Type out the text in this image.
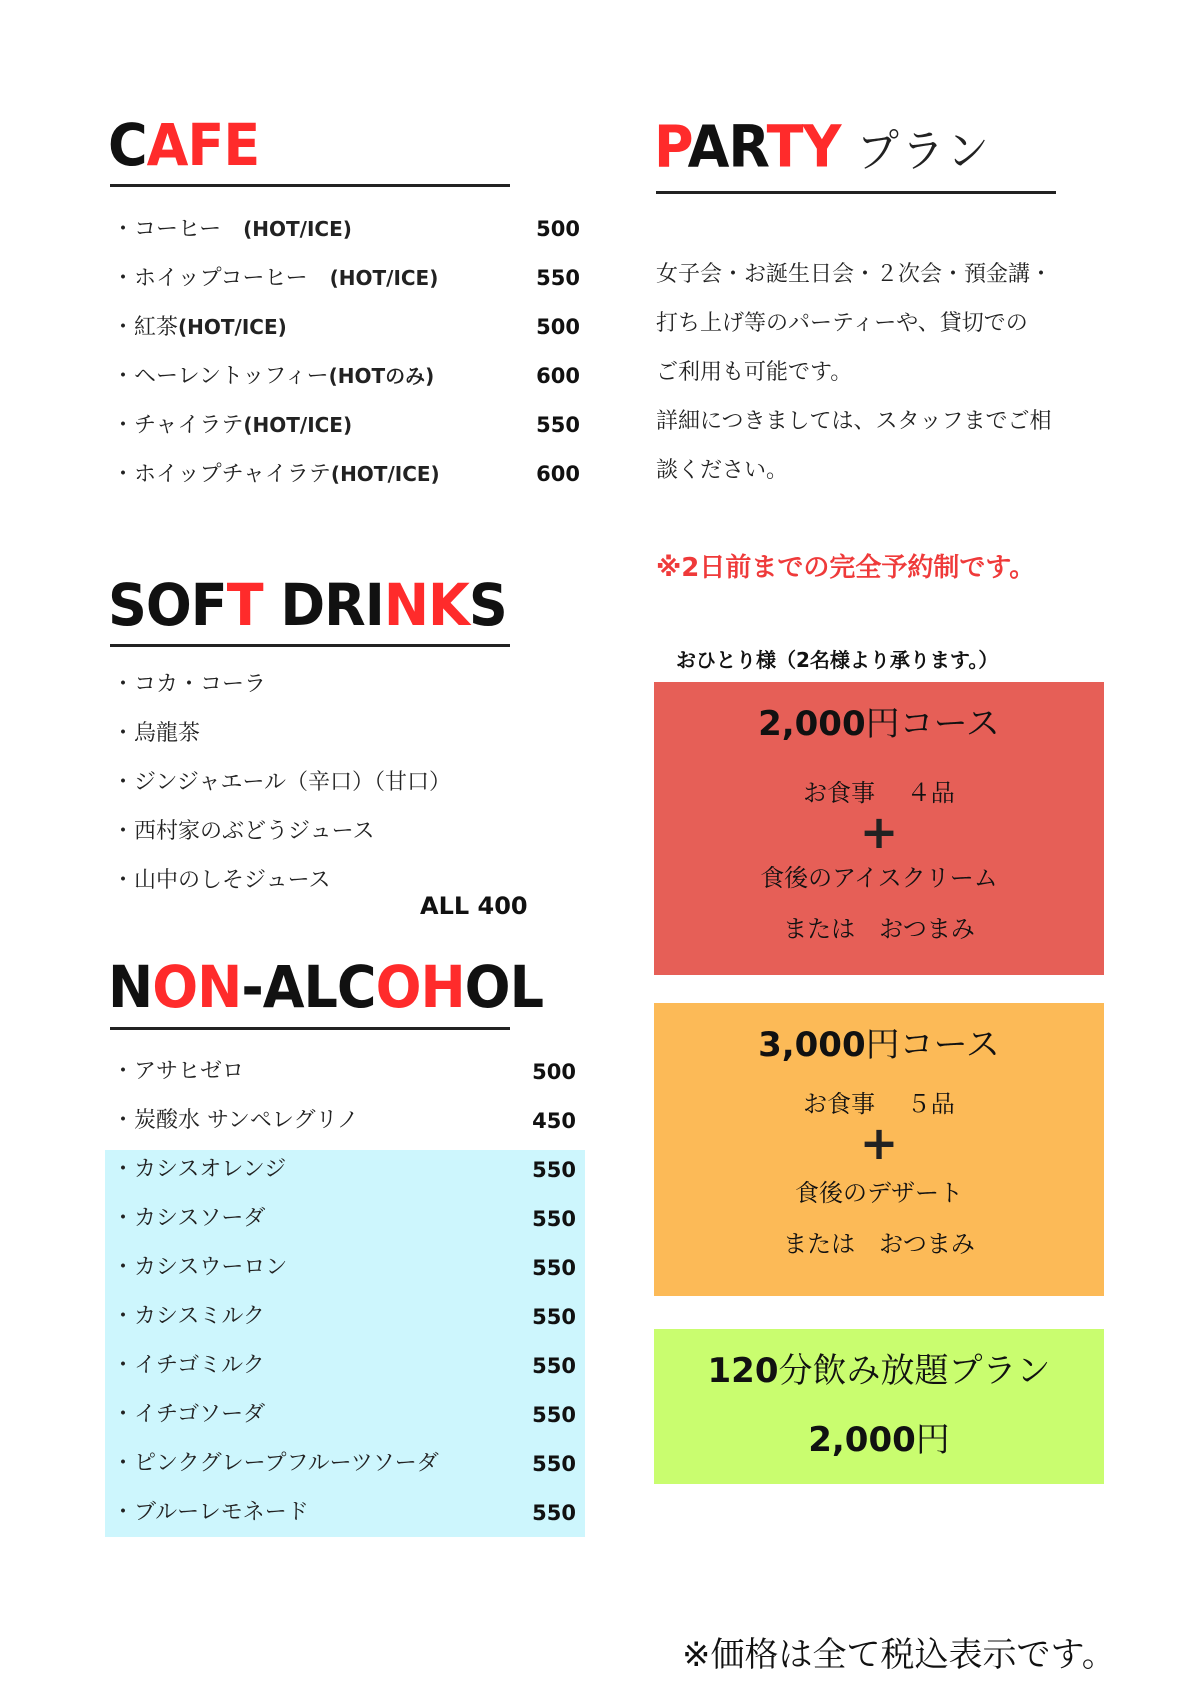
CAFE
・コーヒー　(HOT/ICE)	500
・ホイップコーヒー　(HOT/ICE)	550
・紅茶(HOT/ICE)	500
・ヘーレントッフィー(HOTのみ)	600
・チャイラテ(HOT/ICE)	550
・ホイップチャイラテ(HOT/ICE)	600
SOFT DRINKS
・コカ・コーラ
・烏龍茶
・ジンジャエール（辛口）（甘口）
・西村家のぶどうジュース
・山中のしそジュース
ALL 400
NON-ALCOHOL
・アサヒゼロ	500
・炭酸水 サンペレグリノ	450
・カシスオレンジ	550
・カシスソーダ	550
・カシスウーロン	550
・カシスミルク	550
・イチゴミルク	550
・イチゴソーダ	550
・ピンクグレープフルーツソーダ	550
・ブルーレモネード	550
PARTY プラン
女子会・お誕生日会・２次会・預金講・
打ち上げ等のパーティーや、貸切での
ご利用も可能です。
詳細につきましては、スタッフまでご相
談ください。
※2日前までの完全予約制です。
おひとり様（2名様より承ります。）
2,000円コース
お食事　 ４品
+
食後のアイスクリーム
または　おつまみ
3,000円コース
お食事　 ５品
+
食後のデザート
または　おつまみ
120分飲み放題プラン
2,000円
※価格は全て税込表示です。
